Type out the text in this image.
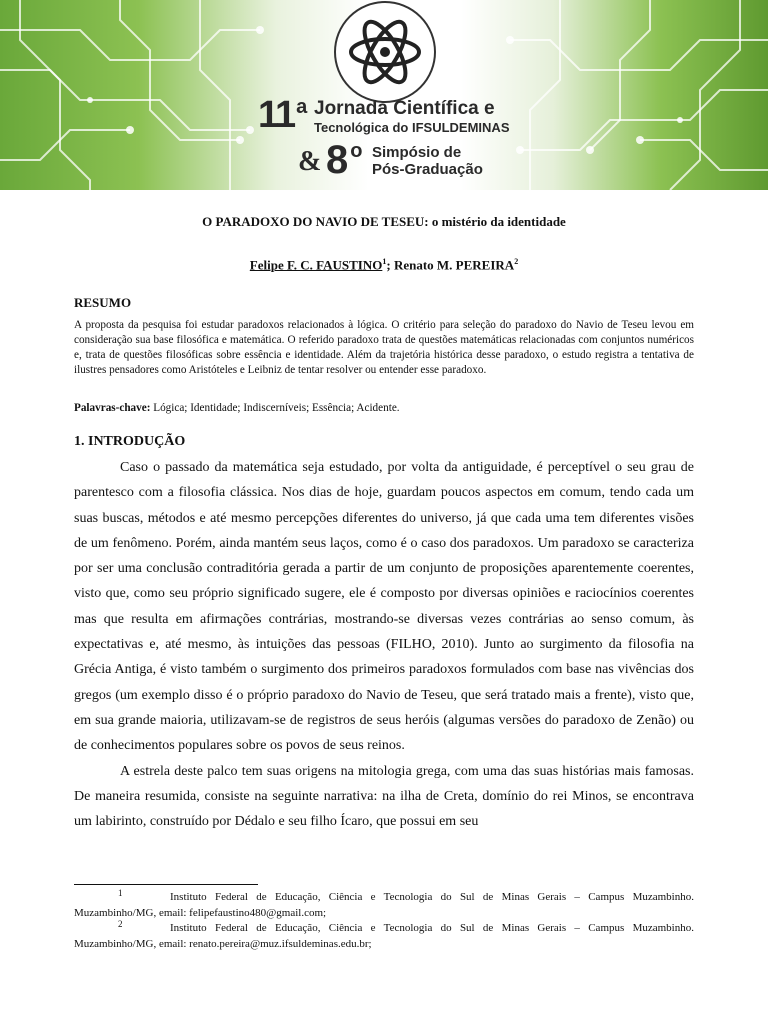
11 $^a$ Jornada Científica e
Tecnológica do IFSULDEMINAS
& 8 $^o$ Simpósio de
Pós-Graduação
O PARADOXO DO NAVIO DE TESEU: o mistério da identidade
Felipe F. C. FAUSTINO$^1$; Renato M. PEREIRA$^2$
RESUMO
A proposta da pesquisa foi estudar paradoxos relacionados à lógica. O critério para seleção do paradoxo do Navio de Teseu levou em consideração sua base filosófica e matemática. O referido paradoxo trata de questões matemáticas relacionadas com conjuntos numéricos e, trata de questões filosóficas sobre essência e identidade. Além da trajetória histórica desse paradoxo, o estudo registra a tentativa de ilustres pensadores como Aristóteles e Leibniz de tentar resolver ou entender esse paradoxo.
Palavras-chave: Lógica; Identidade; Indiscerníveis; Essência; Acidente.
1. INTRODUÇÃO

Caso o passado da matemática seja estudado, por volta da antiguidade, é perceptível o seu grau de parentesco com a filosofia clássica. Nos dias de hoje, guardam poucos aspectos em comum, tendo cada um suas buscas, métodos e até mesmo percepções diferentes do universo, já que cada uma tem diferentes visões de um fenômeno. Porém, ainda mantém seus laços, como é o caso dos paradoxos. Um paradoxo se caracteriza por ser uma conclusão contraditória gerada a partir de um conjunto de proposições aparentemente coerentes, visto que, como seu próprio significado sugere, ele é composto por diversas opiniões e raciocínios coerentes mas que resulta em afirmações contrárias, mostrando-se diversas vezes contrárias ao senso comum, às expectativas e, até mesmo, às intuições das pessoas (FILHO, 2010). Junto ao surgimento da filosofia na Grécia Antiga, é visto também o surgimento dos primeiros paradoxos formulados com base nas vivências dos gregos (um exemplo disso é o próprio paradoxo do Navio de Teseu, que será tratado mais a frente), visto que, em sua grande maioria, utilizavam-se de registros de seus heróis (algumas versões do paradoxo de Zenão) ou de conhecimentos populares sobre os povos de seus reinos.

A estrela deste palco tem suas origens na mitologia grega, com uma das suas histórias mais famosas. De maneira resumida, consiste na seguinte narrativa: na ilha de Creta, domínio do rei Minos, se encontrava um labirinto, construído por Dédalo e seu filho Ícaro, que possui em seu

1	Instituto Federal de Educação, Ciência e Tecnologia do Sul de Minas Gerais – Campus Muzambinho. Muzambinho/MG, email: felipefaustino480@gmail.com;
2	Instituto Federal de Educação, Ciência e Tecnologia do Sul de Minas Gerais – Campus Muzambinho. Muzambinho/MG, email: renato.pereira@muz.ifsuldeminas.edu.br;
